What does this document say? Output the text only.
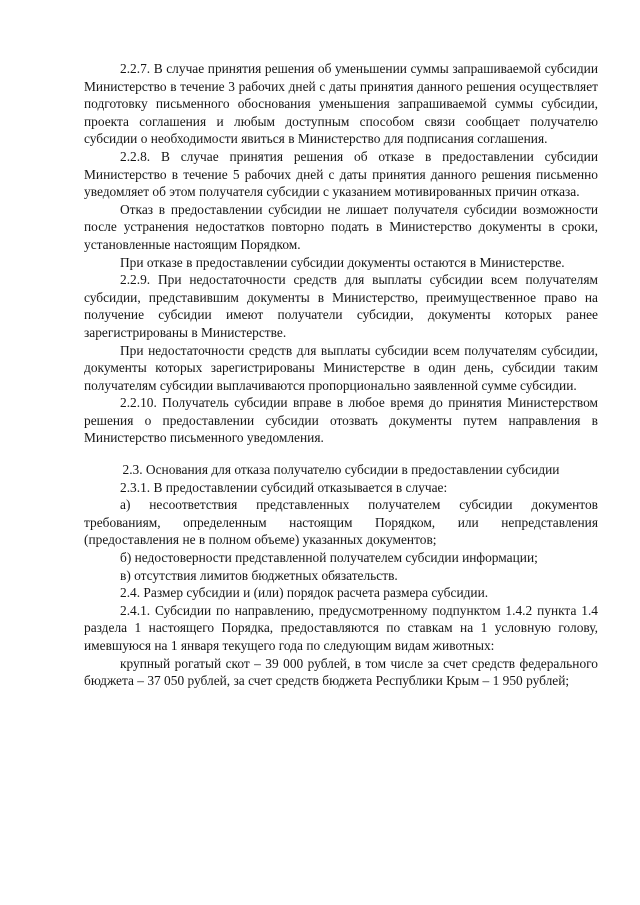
2.2.7. В случае принятия решения об уменьшении суммы запрашиваемой субсидии Министерство в течение 3 рабочих дней с даты принятия данного решения осуществляет подготовку письменного обоснования уменьшения запрашиваемой суммы субсидии, проекта соглашения и любым доступным способом связи сообщает получателю субсидии о необходимости явиться в Министерство для подписания соглашения.

2.2.8. В случае принятия решения об отказе в предоставлении субсидии Министерство в течение 5 рабочих дней с даты принятия данного решения письменно уведомляет об этом получателя субсидии с указанием мотивированных причин отказа.

Отказ в предоставлении субсидии не лишает получателя субсидии возможности после устранения недостатков повторно подать в Министерство документы в сроки, установленные настоящим Порядком.

При отказе в предоставлении субсидии документы остаются в Министерстве.

2.2.9. При недостаточности средств для выплаты субсидии всем получателям субсидии, представившим документы в Министерство, преимущественное право на получение субсидии имеют получатели субсидии, документы которых ранее зарегистрированы в Министерстве.

При недостаточности средств для выплаты субсидии всем получателям субсидии, документы которых зарегистрированы Министерстве в один день, субсидии таким получателям субсидии выплачиваются пропорционально заявленной сумме субсидии.

2.2.10. Получатель субсидии вправе в любое время до принятия Министерством решения о предоставлении субсидии отозвать документы путем направления в Министерство письменного уведомления.

2.3. Основания для отказа получателю субсидии в предоставлении субсидии

2.3.1. В предоставлении субсидий отказывается в случае:

а) несоответствия представленных получателем субсидии документов требованиям, определенным настоящим Порядком, или непредставления (предоставления не в полном объеме) указанных документов;

б) недостоверности представленной получателем субсидии информации;

в) отсутствия лимитов бюджетных обязательств.

2.4. Размер субсидии и (или) порядок расчета размера субсидии.

2.4.1. Субсидии по направлению, предусмотренному подпунктом 1.4.2 пункта 1.4 раздела 1 настоящего Порядка, предоставляются по ставкам на 1 условную голову, имевшуюся на 1 января текущего года по следующим видам животных:

крупный рогатый скот – 39 000 рублей, в том числе за счет средств федерального бюджета – 37 050 рублей, за счет средств бюджета Республики Крым – 1 950 рублей;
